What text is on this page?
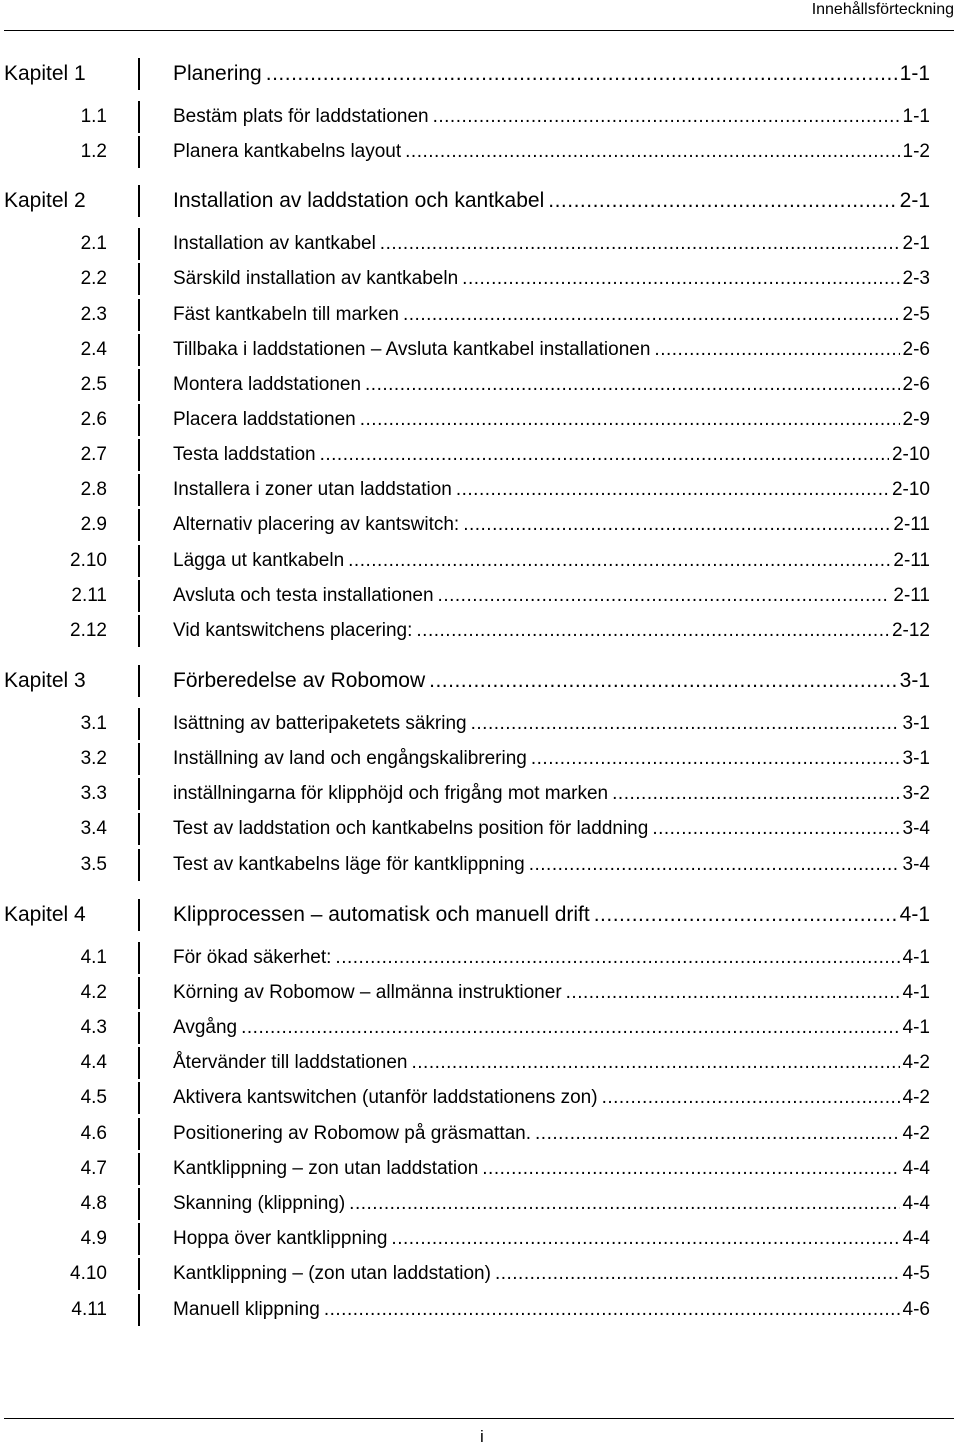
Innehållsförteckning
Kapitel 1	Planering .....	1-1
1.1	Bestäm plats för laddstationen .....	1-1
1.2	Planera kantkabelns layout .....	1-2
Kapitel 2	Installation av laddstation och kantkabel .....	2-1
2.1	Installation av kantkabel .....	2-1
2.2	Särskild installation av kantkabeln .....	2-3
2.3	Fäst kantkabeln till marken .....	2-5
2.4	Tillbaka i laddstationen – Avsluta kantkabel installationen .....	2-6
2.5	Montera laddstationen .....	2-6
2.6	Placera laddstationen .....	2-9
2.7	Testa laddstation .....	2-10
2.8	Installera i zoner utan laddstation .....	2-10
2.9	Alternativ placering av kantswitch: .....	2-11
2.10	Lägga ut kantkabeln .....	2-11
2.11	Avsluta och testa installationen .....	2-11
2.12	Vid kantswitchens placering: .....	2-12
Kapitel 3	Förberedelse av Robomow .....	3-1
3.1	Isättning av batteripaketets säkring .....	3-1
3.2	Inställning av land och engångskalibrering .....	3-1
3.3	inställningarna för klipphöjd och frigång mot marken .....	3-2
3.4	Test av laddstation och kantkabelns position för laddning .....	3-4
3.5	Test av kantkabelns läge för kantklippning .....	3-4
Kapitel 4	Klipprocessen – automatisk och manuell drift .....	4-1
4.1	För ökad säkerhet: .....	4-1
4.2	Körning av Robomow – allmänna instruktioner .....	4-1
4.3	Avgång .....	4-1
4.4	Återvänder till laddstationen .....	4-2
4.5	Aktivera kantswitchen (utanför laddstationens zon) .....	4-2
4.6	Positionering av Robomow på gräsmattan. .....	4-2
4.7	Kantklippning – zon utan laddstation .....	4-4
4.8	Skanning (klippning) .....	4-4
4.9	Hoppa över kantklippning .....	4-4
4.10	Kantklippning – (zon utan laddstation) .....	4-5
4.11	Manuell klippning .....	4-6
i
